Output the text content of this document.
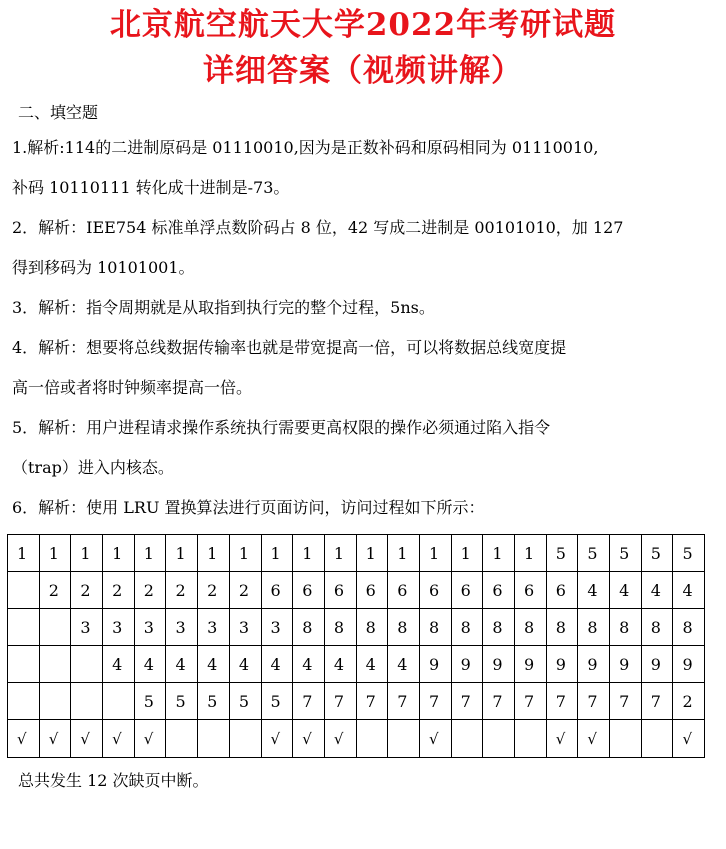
北京航空航天大学2022年考研试题
详细答案（视频讲解）
二、填空题

1.解析:114的二进制原码是 01110010,因为是正数补码和原码相同为 01110010,
补码 10110111 转化成十进制是-73。

2．解析：IEE754 标准单浮点数阶码占 8 位，42 写成二进制是 00101010，加 127
得到移码为 10101001。

3．解析：指令周期就是从取指到执行完的整个过程，5ns。

4．解析：想要将总线数据传输率也就是带宽提高一倍，可以将数据总线宽度提
高一倍或者将时钟频率提高一倍。

5．解析：用户进程请求操作系统执行需要更高权限的操作必须通过陷入指令
（trap）进入内核态。

6．解析：使用 LRU 置换算法进行页面访问，访问过程如下所示：

1	1	1	1	1	1	1	1	1	1	1	1	1	1	1	1	1	5	5	5	5	5
	2	2	2	2	2	2	2	6	6	6	6	6	6	6	6	6	6	4	4	4	4
		3	3	3	3	3	3	3	8	8	8	8	8	8	8	8	8	8	8	8	8
			4	4	4	4	4	4	4	4	4	4	9	9	9	9	9	9	9	9	9
				5	5	5	5	5	7	7	7	7	7	7	7	7	7	7	7	7	2
√	√	√	√	√				√	√	√			√				√	√			√
总共发生 12 次缺页中断。
